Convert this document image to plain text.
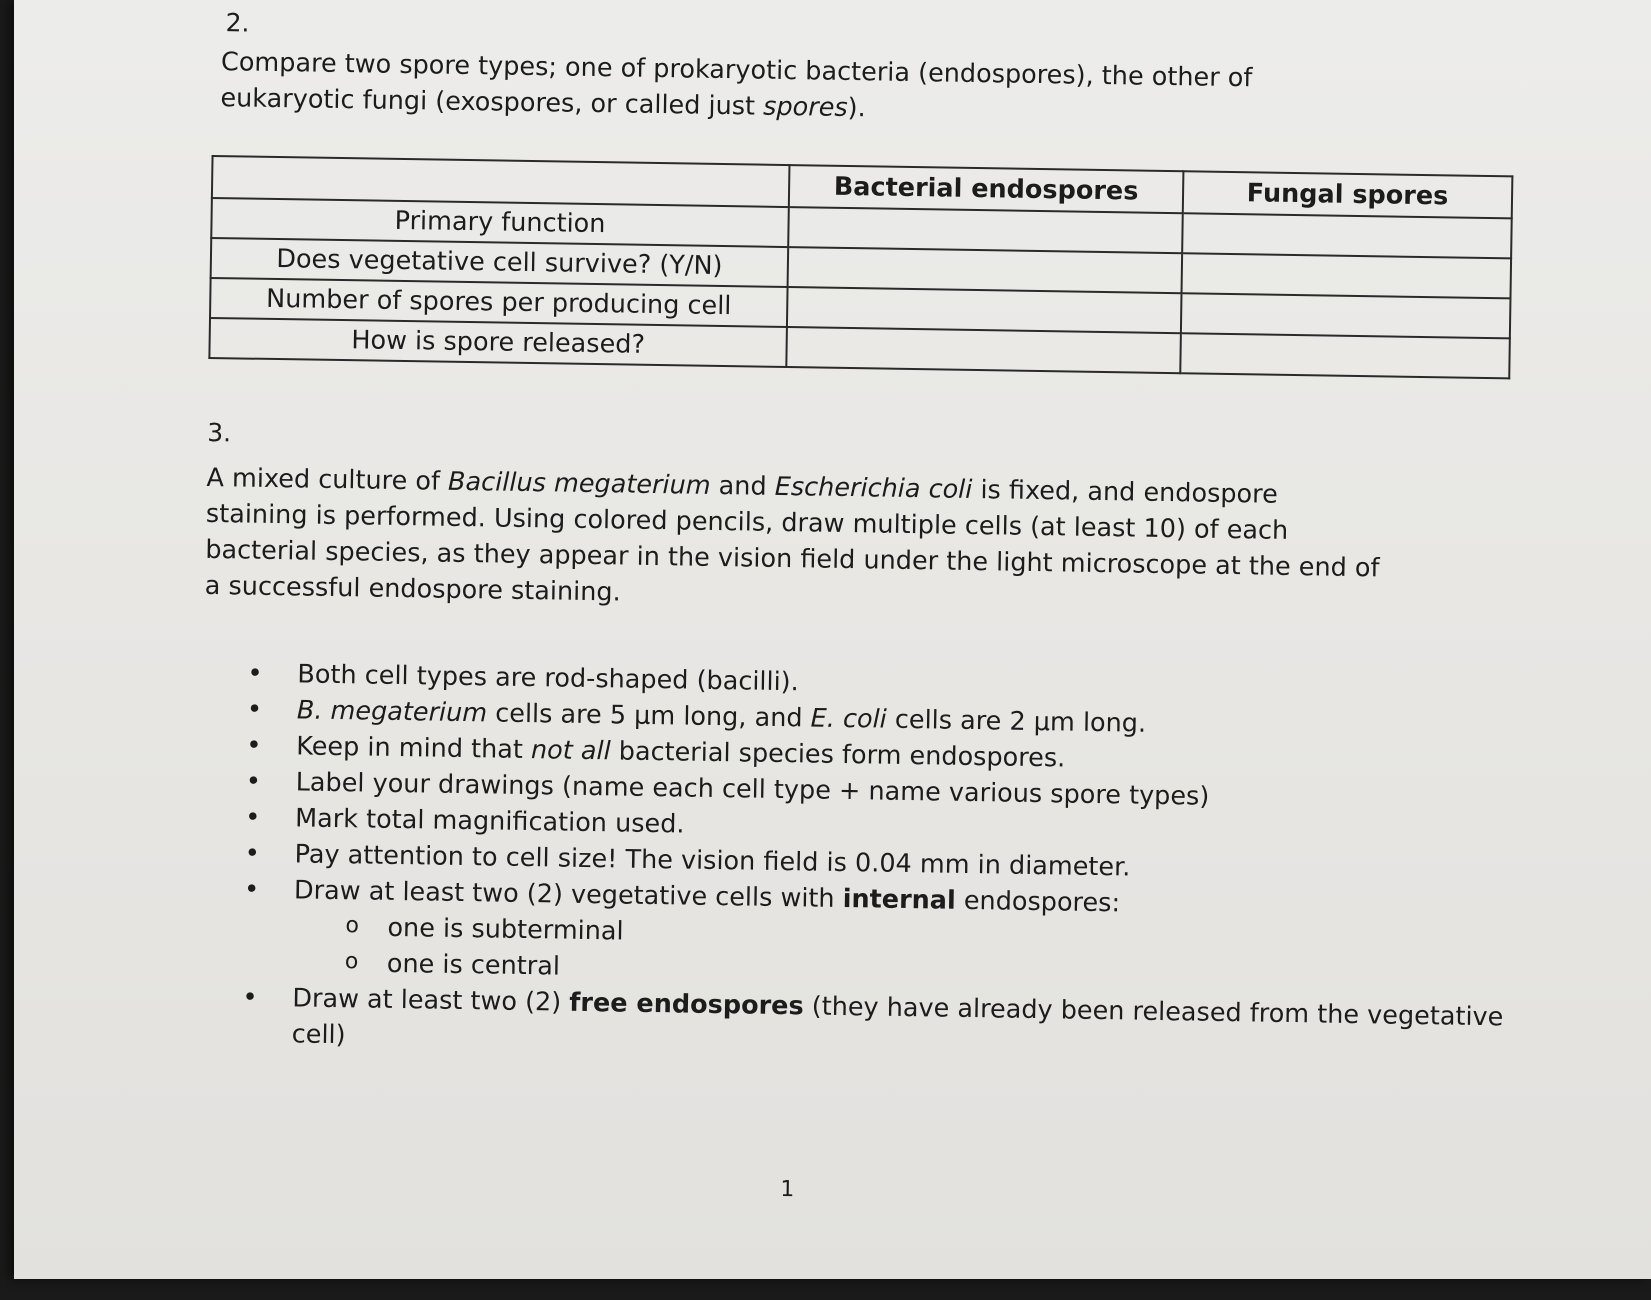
2.

Compare two spore types; one of prokaryotic bacteria (endospores), the other of eukaryotic fungi (exospores, or called just spores).

	Bacterial endospores	Fungal spores
Primary function		
Does vegetative cell survive? (Y/N)		
Number of spores per producing cell		
How is spore released?		
3.

A mixed culture of Bacillus megaterium and Escherichia coli is fixed, and endospore staining is performed. Using colored pencils, draw multiple cells (at least 10) of each bacterial species, as they appear in the vision field under the light microscope at the end of a successful endospore staining.

• Both cell types are rod-shaped (bacilli).
• B. megaterium cells are 5 µm long, and E. coli cells are 2 µm long.
• Keep in mind that not all bacterial species form endospores.
• Label your drawings (name each cell type + name various spore types)
• Mark total magnification used.
• Pay attention to cell size! The vision field is 0.04 mm in diameter.
• Draw at least two (2) vegetative cells with internal endospores:
o one is subterminal
o one is central
• Draw at least two (2) free endospores (they have already been released from the vegetative cell)
1
